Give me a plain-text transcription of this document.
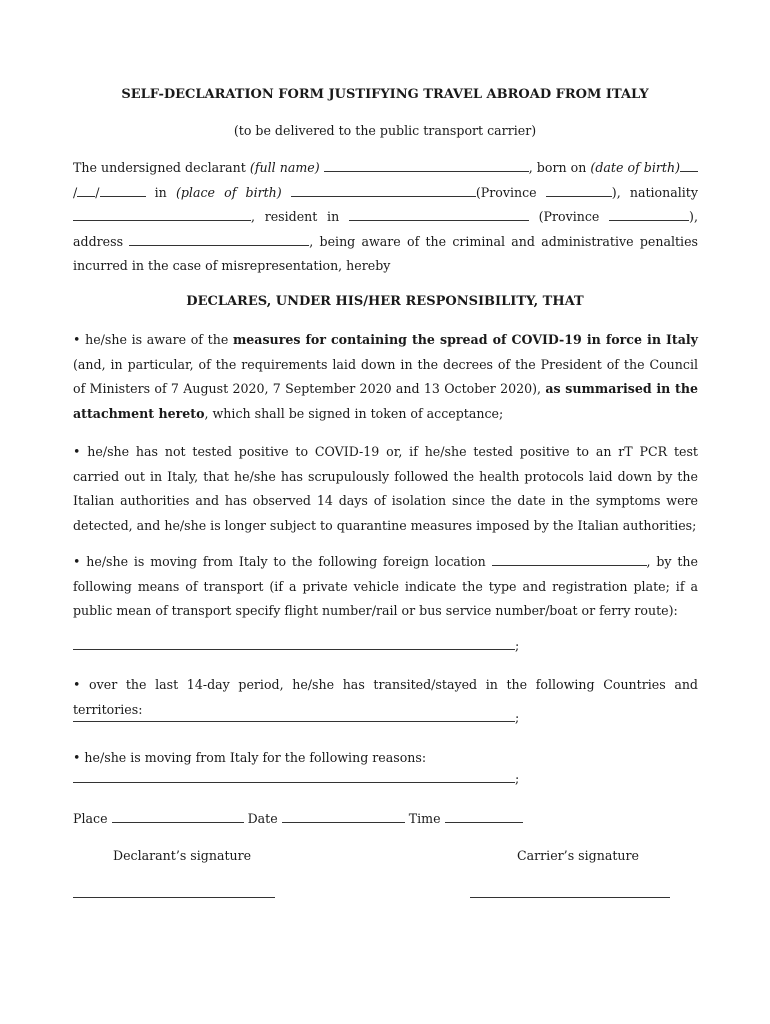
SELF-DECLARATION FORM JUSTIFYING TRAVEL ABROAD FROM ITALY
(to be delivered to the public transport carrier)
The undersigned declarant (full name)	, born on (date of birth)/ /	in (place of birth)	(Province	), nationality , resident in	(Province	), address	, being aware of the criminal and administrative penalties incurred in the case of misrepresentation, hereby
DECLARES, UNDER HIS/HER RESPONSIBILITY, THAT
• he/she is aware of the measures for containing the spread of COVID-19 in force in Italy (and, in particular, of the requirements laid down in the decrees of the President of the Council of Ministers of 7 August 2020, 7 September 2020 and 13 October 2020), as summarised in the attachment hereto, which shall be signed in token of acceptance;
• he/she has not tested positive to COVID-19 or, if he/she tested positive to an rT PCR test carried out in Italy, that he/she has scrupulously followed the health protocols laid down by the Italian authorities and has observed 14 days of isolation since the date in the symptoms were detected, and he/she is longer subject to quarantine measures imposed by the Italian authorities;
• he/she is moving from Italy to the following foreign location	, by the following means of transport (if a private vehicle indicate the type and registration plate; if a public mean of transport specify flight number/rail or bus service number/boat or ferry route):
;
• over the last 14-day period, he/she has transited/stayed in the following Countries and territories:
;
• he/she is moving from Italy for the following reasons:
;
Place	Date	Time
Declarant’s signature	Carrier’s signature
